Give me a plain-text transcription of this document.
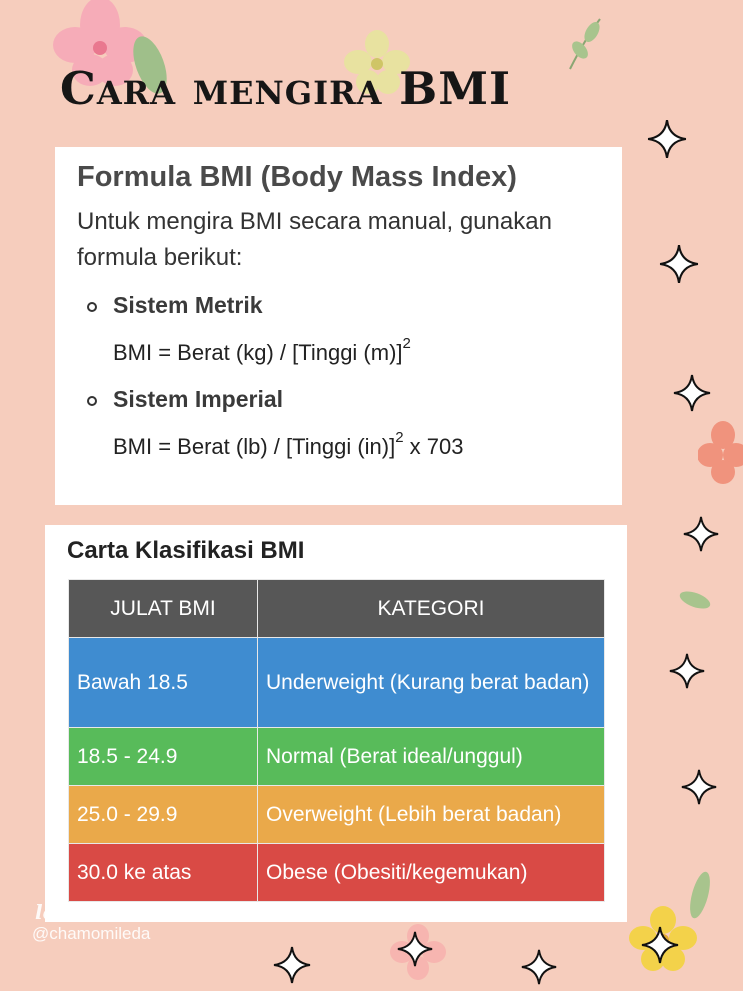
Cara mengira BMI
Formula BMI (Body Mass Index)

Untuk mengira BMI secara manual, gunakan formula berikut:

Sistem Metrik
BMI = Berat (kg) / [Tinggi (m)]$^2$
Sistem Imperial
BMI = Berat (lb) / [Tinggi (in)]$^2$ x 703
Carta Klasifikasi BMI
JULAT BMI	KATEGORI
Bawah 18.5	Underweight (Kurang berat badan)
18.5 - 24.9	Normal (Berat ideal/unggul)
25.0 - 29.9	Overweight (Lebih berat badan)
30.0 ke atas	Obese (Obesiti/kegemukan)
lemon8
@chamomileda
